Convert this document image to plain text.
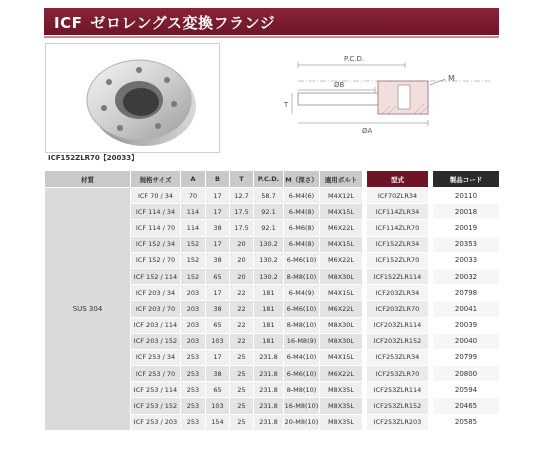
ICF ゼロレングス変換フランジ
ICF152ZLR70【20033】
P.C.D.
ØB
M
T
ØA
材質	規格サイズ	A	B	T	P.C.D.	M（深さ）	適用ボルト		型式		製品コード
SUS 304	ICF 70 / 34	70	17	12.7	58.7	6-M4(6)	M4X12L		ICF70ZLR34		20110
	ICF 114 / 34	114	17	17.5	92.1	6-M4(8)	M4X15L		ICF114ZLR34		20018
	ICF 114 / 70	114	38	17.5	92.1	6-M6(8)	M6X22L		ICF114ZLR70		20019
	ICF 152 / 34	152	17	20	130.2	6-M4(8)	M4X15L		ICF152ZLR34		20353
	ICF 152 / 70	152	38	20	130.2	6-M6(10)	M6X22L		ICF152ZLR70		20033
	ICF 152 / 114	152	65	20	130.2	8-M8(10)	M8X30L		ICF152ZLR114		20032
	ICF 203 / 34	203	17	22	181	6-M4(9)	M4X15L		ICF203ZLR34		20798
	ICF 203 / 70	203	38	22	181	6-M6(10)	M6X22L		ICF203ZLR70		20041
	ICF 203 / 114	203	65	22	181	8-M8(10)	M8X30L		ICF203ZLR114		20039
	ICF 203 / 152	203	103	22	181	16-M8(9)	M8X30L		ICF203ZLR152		20040
	ICF 253 / 34	253	17	25	231.8	6-M4(10)	M4X15L		ICF253ZLR34		20799
	ICF 253 / 70	253	38	25	231.8	6-M6(10)	M6X22L		ICF253ZLR70		20800
	ICF 253 / 114	253	65	25	231.8	8-M8(10)	M8X35L		ICF253ZLR114		20594
	ICF 253 / 152	253	103	25	231.8	16-M8(10)	M8X35L		ICF253ZLR152		20465
	ICF 253 / 203	253	154	25	231.8	20-M8(10)	M8X35L		ICF253ZLR203		20585
